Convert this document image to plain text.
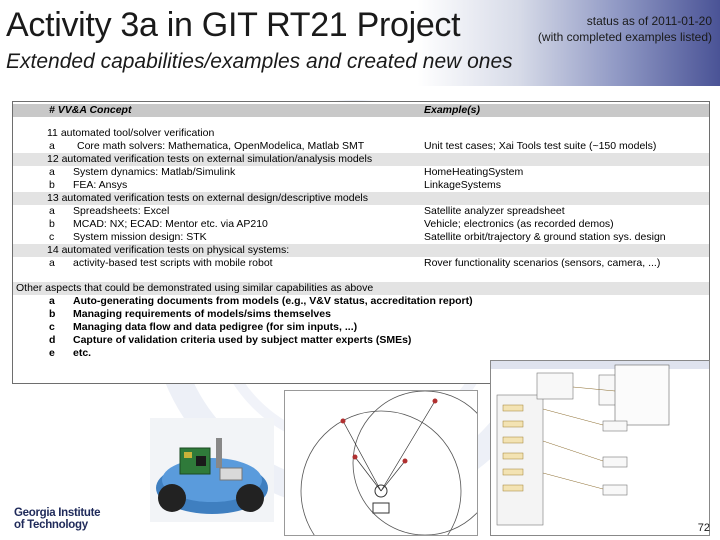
Activity 3a in GIT RT21 Project
Extended capabilities/examples and created new ones
status as of 2011-01-20
(with completed examples listed)
# VV&A Concept	Example(s)
11 automated tool/solver verification
a	Core math solvers: Mathematica, OpenModelica, Matlab SMT	Unit test cases; Xai Tools test suite (~150 models)
12 automated verification tests on external simulation/analysis models
a	System dynamics: Matlab/Simulink	HomeHeatingSystem
b	FEA: Ansys	LinkageSystems
13 automated verification tests on external design/descriptive models
a	Spreadsheets: Excel	Satellite analyzer spreadsheet
b	MCAD: NX; ECAD: Mentor etc. via AP210	Vehicle; electronics (as recorded demos)
c	System mission design: STK	Satellite orbit/trajectory & ground station sys. design
14 automated verification tests on physical systems:
a	activity-based test scripts with mobile robot	Rover functionality scenarios (sensors, camera, ...)
Other aspects that could be demonstrated using similar capabilities as above
a	Auto-generating documents from models (e.g., V&V status, accreditation report)
b	Managing requirements of models/sims themselves
c	Managing data flow and data pedigree (for sim inputs, ...)
d	Capture of validation criteria used by subject matter experts (SMEs)
e	etc.
Georgia Institute
of Technology	72
